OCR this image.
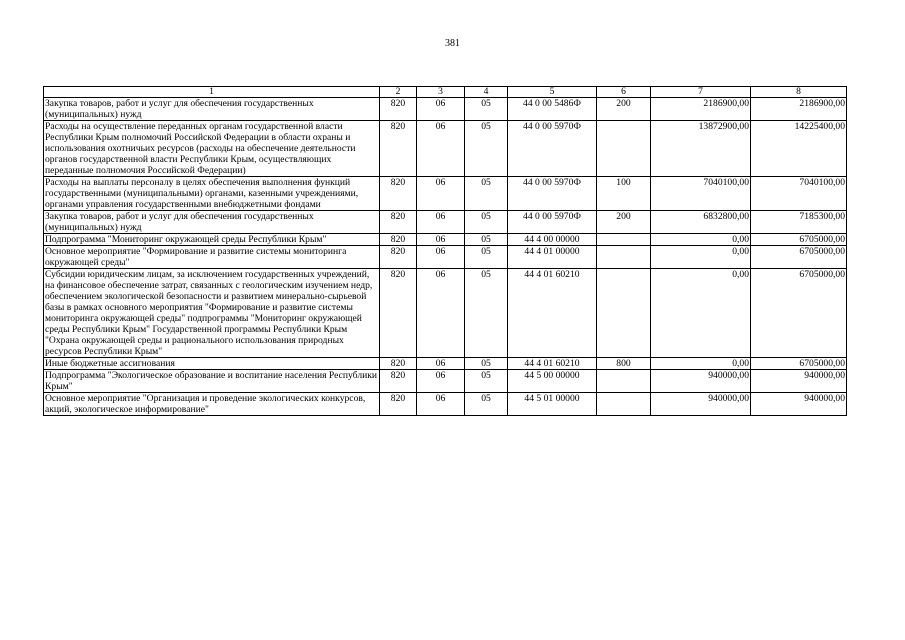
381
1	2	3	4	5	6	7	8
Закупка товаров, работ и услуг для обеспечения государственных (муниципальных) нужд	820	06	05	44 0 00 5486Ф	200	2186900,00	2186900,00
Расходы на осуществление переданных органам государственной власти Республики Крым полномочий Российской Федерации в области охраны и использования охотничьих ресурсов (расходы на обеспечение деятельности органов государственной власти Республики Крым, осуществляющих переданные полномочия Российской Федерации)	820	06	05	44 0 00 5970Ф		13872900,00	14225400,00
Расходы на выплаты персоналу в целях обеспечения выполнения функций государственными (муниципальными) органами, казенными учреждениями, органами управления государственными внебюджетными фондами	820	06	05	44 0 00 5970Ф	100	7040100,00	7040100,00
Закупка товаров, работ и услуг для обеспечения государственных (муниципальных) нужд	820	06	05	44 0 00 5970Ф	200	6832800,00	7185300,00
Подпрограмма "Мониторинг окружающей среды Республики Крым"	820	06	05	44 4 00 00000		0,00	6705000,00
Основное мероприятие "Формирование и развитие системы мониторинга окружающей среды"	820	06	05	44 4 01 00000		0,00	6705000,00
Субсидии юридическим лицам, за исключением государственных учреждений, на финансовое обеспечение затрат, связанных с геологическим изучением недр, обеспечением экологической безопасности и развитием минерально-сырьевой базы в рамках основного мероприятия "Формирование и развитие системы мониторинга окружающей среды" подпрограммы "Мониторинг окружающей среды Республики Крым" Государственной программы Республики Крым "Охрана окружающей среды и рационального использования природных ресурсов Республики Крым"	820	06	05	44 4 01 60210		0,00	6705000,00
Иные бюджетные ассигнования	820	06	05	44 4 01 60210	800	0,00	6705000,00
Подпрограмма "Экологическое образование и воспитание населения Республики Крым"	820	06	05	44 5 00 00000		940000,00	940000,00
Основное мероприятие "Организация и проведение экологических конкурсов, акций, экологическое информирование"	820	06	05	44 5 01 00000		940000,00	940000,00
